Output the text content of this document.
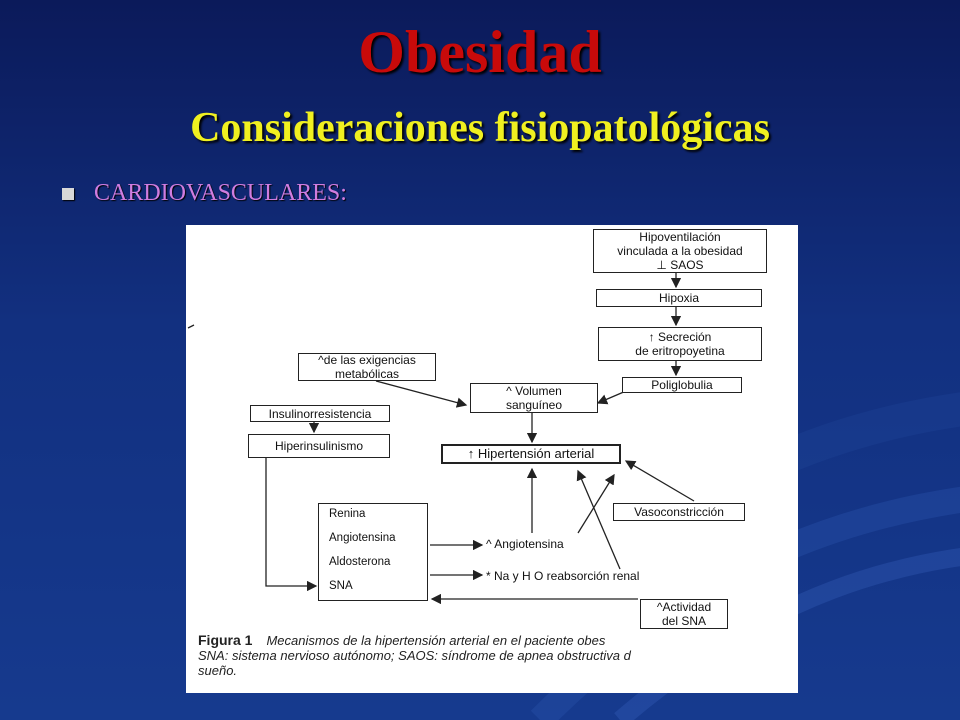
Obesidad
Consideraciones fisiopatológicas
CARDIOVASCULARES:
Hipoventilación
vinculada a la obesidad
⊥ SAOS
Hipoxia
↑ Secreción
de eritropoyetina
Poliglobulia
^de las exigencias
metabólicas
^ Volumen
sanguíneo
Insulinorresistencia
Hiperinsulinismo	↑ Hipertensión arterial
Vasoconstricción
Renina
Angiotensina
Aldosterona
SNA
^ Angiotensina
* Na y H O reabsorción renal
^Actividad
del SNA
Figura 1 Mecanismos de la hipertensión arterial en el paciente obes
SNA: sistema nervioso autónomo; SAOS: síndrome de apnea obstructiva d
sueño.
